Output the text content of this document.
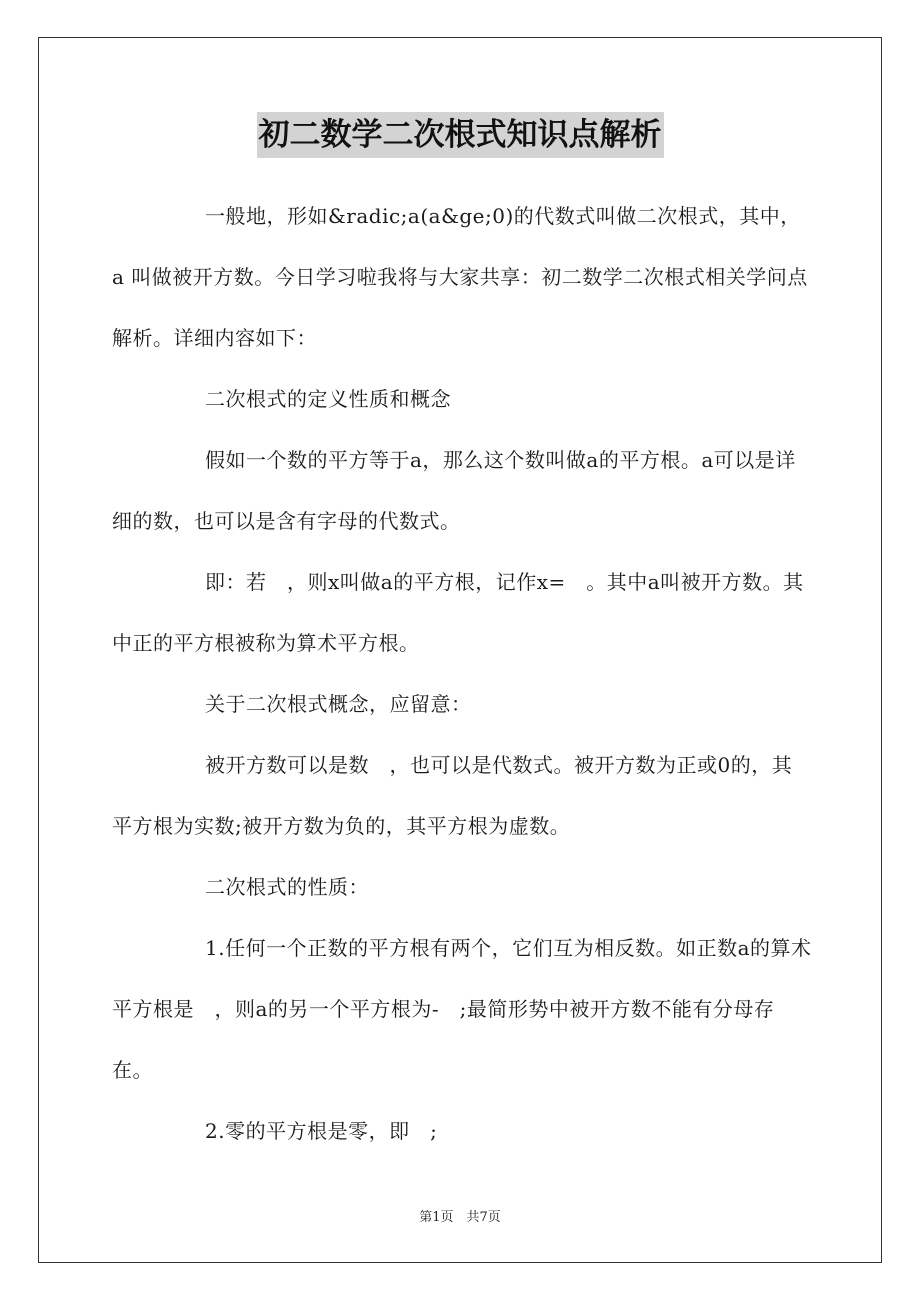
初二数学二次根式知识点解析

一般地，形如&radic;a(a&ge;0)的代数式叫做二次根式，其中，a 叫做被开方数。今日学习啦我将与大家共享：初二数学二次根式相关学问点解析。详细内容如下：

二次根式的定义性质和概念

假如一个数的平方等于a，那么这个数叫做a的平方根。a可以是详细的数，也可以是含有字母的代数式。

即：若　，则x叫做a的平方根，记作x=　。其中a叫被开方数。其中正的平方根被称为算术平方根。

关于二次根式概念，应留意：

被开方数可以是数　，也可以是代数式。被开方数为正或0的，其平方根为实数;被开方数为负的，其平方根为虚数。

二次根式的性质：

1.任何一个正数的平方根有两个，它们互为相反数。如正数a的算术平方根是　，则a的另一个平方根为-　;最简形势中被开方数不能有分母存在。

2.零的平方根是零，即　;

第1页　共7页
